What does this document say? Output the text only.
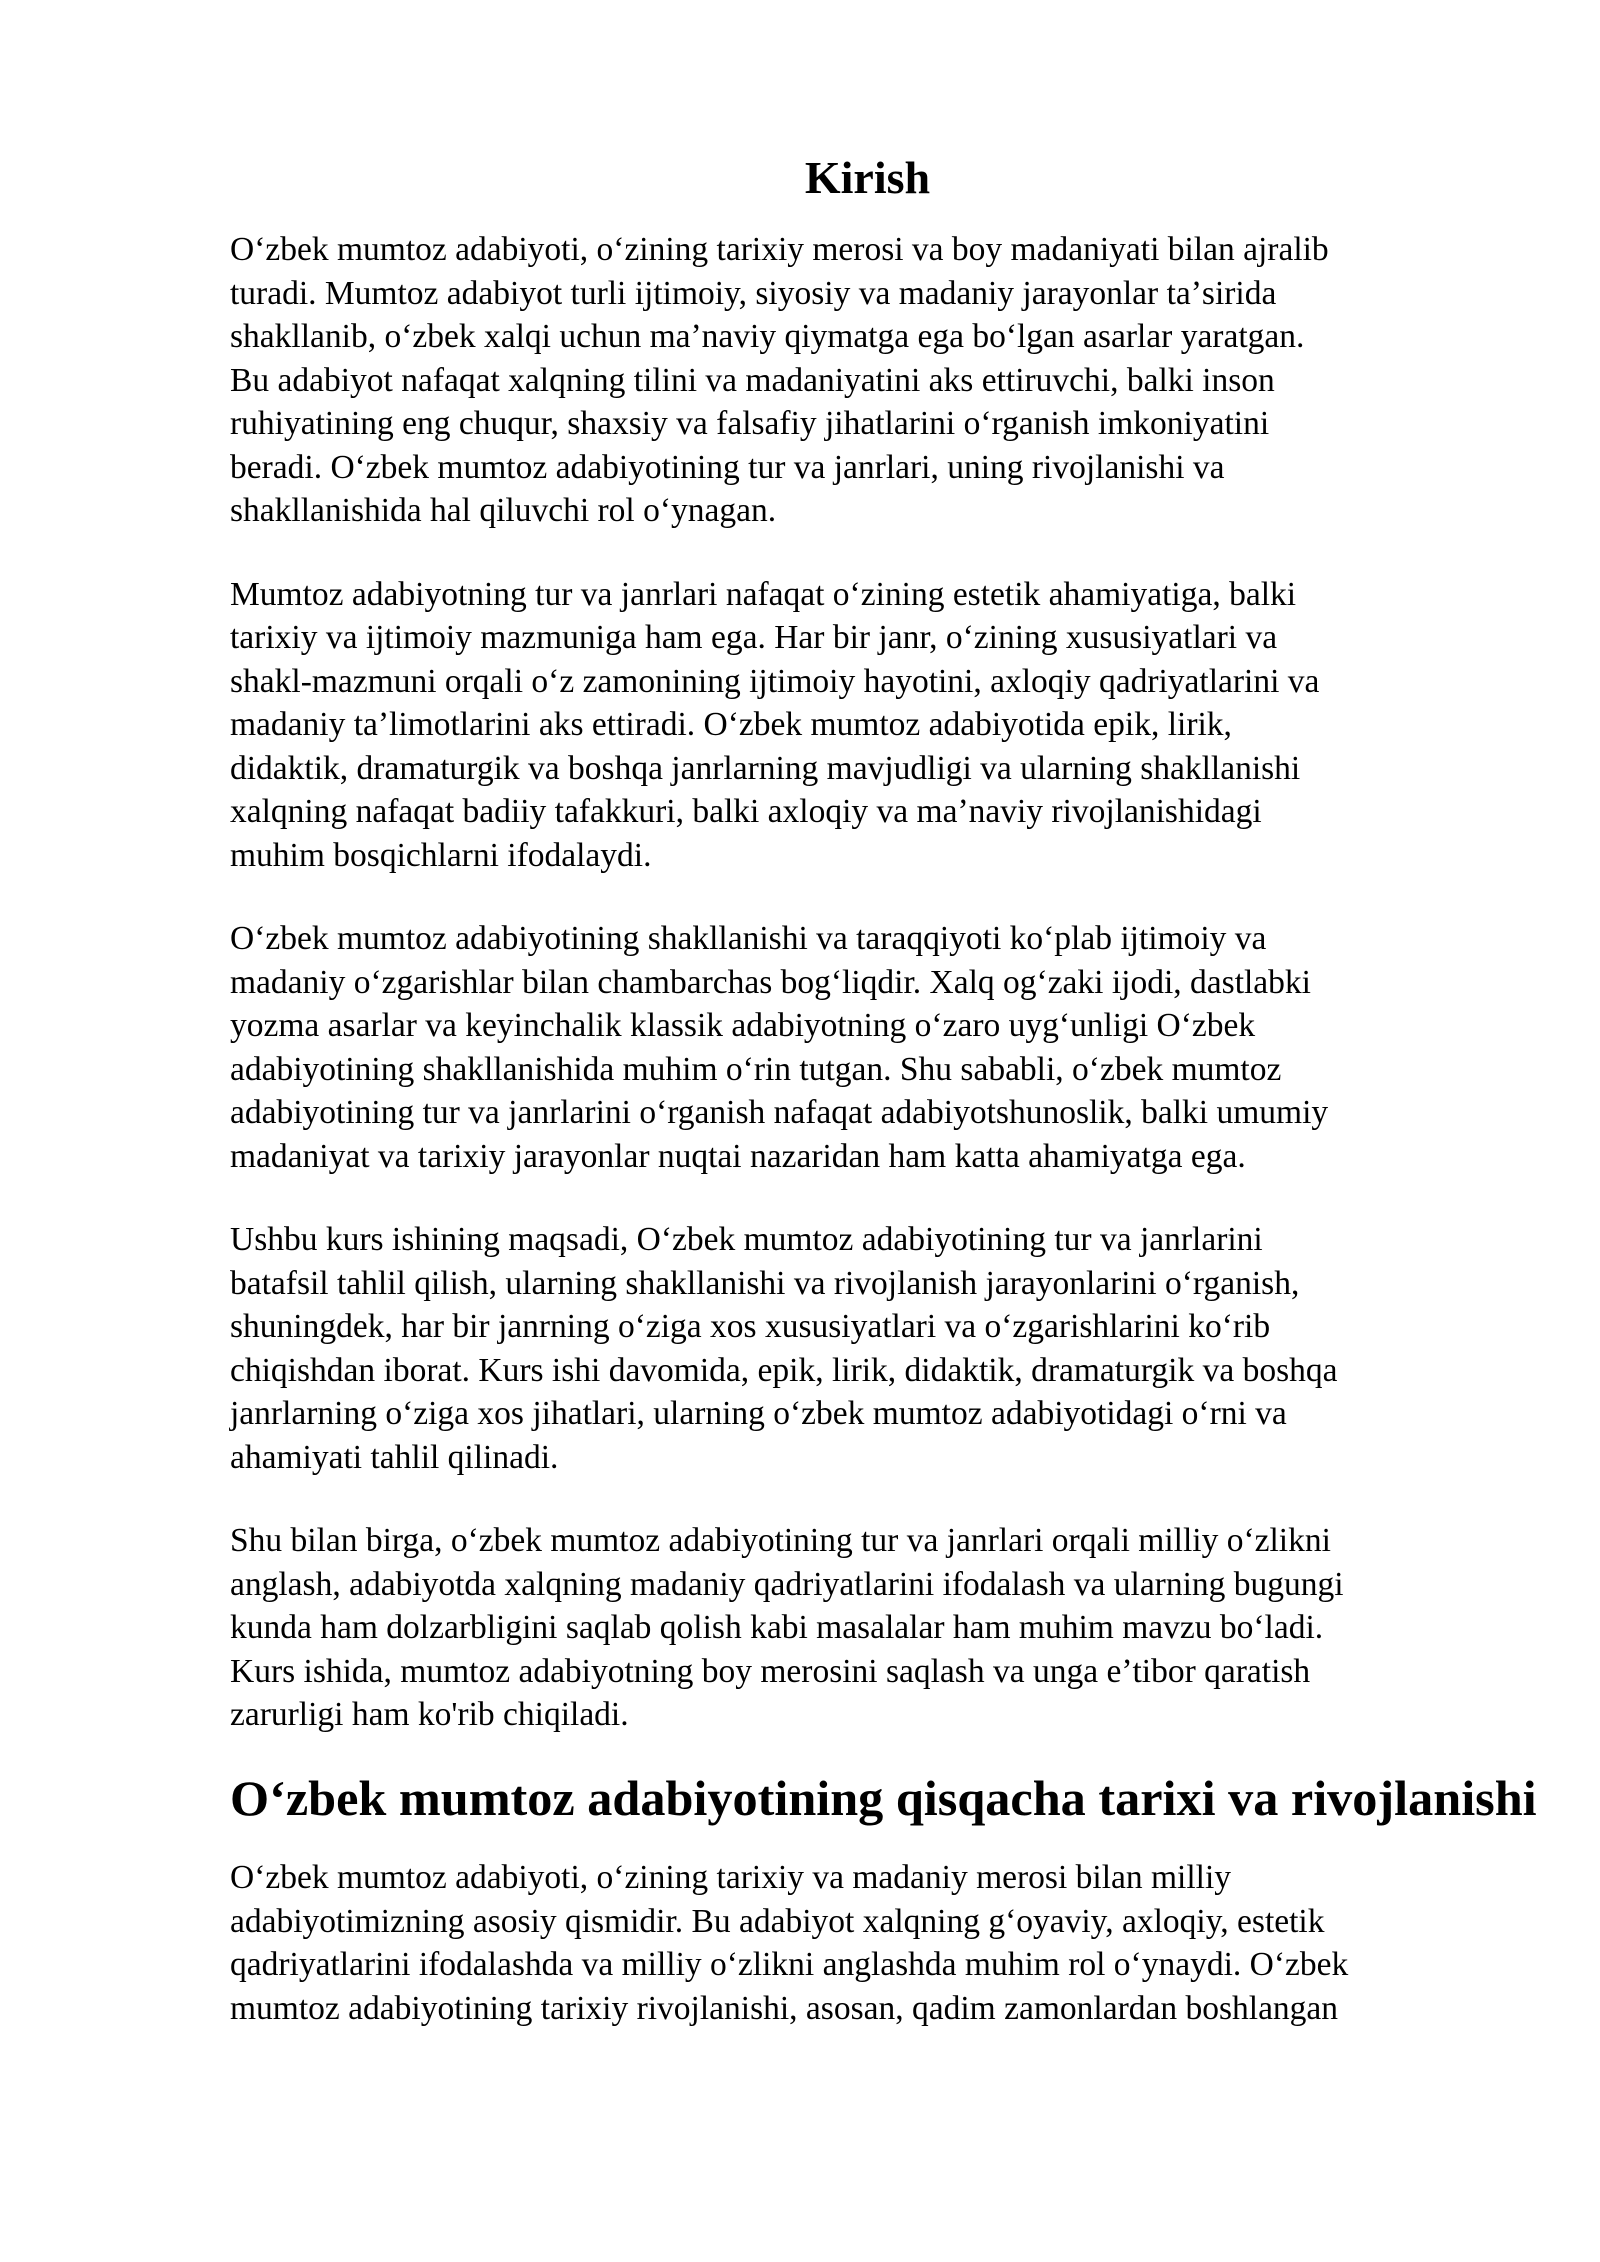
Kirish

Oʻzbek mumtoz adabiyoti, oʻzining tarixiy merosi va boy madaniyati bilan ajralib
turadi. Mumtoz adabiyot turli ijtimoiy, siyosiy va madaniy jarayonlar taʼsirida
shakllanib, oʻzbek xalqi uchun maʼnaviy qiymatga ega boʻlgan asarlar yaratgan.
Bu adabiyot nafaqat xalqning tilini va madaniyatini aks ettiruvchi, balki inson
ruhiyatining eng chuqur, shaxsiy va falsafiy jihatlarini oʻrganish imkoniyatini
beradi. Oʻzbek mumtoz adabiyotining tur va janrlari, uning rivojlanishi va
shakllanishida hal qiluvchi rol oʻynagan.

Mumtoz adabiyotning tur va janrlari nafaqat oʻzining estetik ahamiyatiga, balki
tarixiy va ijtimoiy mazmuniga ham ega. Har bir janr, oʻzining xususiyatlari va
shakl-mazmuni orqali oʻz zamonining ijtimoiy hayotini, axloqiy qadriyatlarini va
madaniy taʼlimotlarini aks ettiradi. Oʻzbek mumtoz adabiyotida epik, lirik,
didaktik, dramaturgik va boshqa janrlarning mavjudligi va ularning shakllanishi
xalqning nafaqat badiiy tafakkuri, balki axloqiy va maʼnaviy rivojlanishidagi
muhim bosqichlarni ifodalaydi.

Oʻzbek mumtoz adabiyotining shakllanishi va taraqqiyoti koʻplab ijtimoiy va
madaniy oʻzgarishlar bilan chambarchas bogʻliqdir. Xalq ogʻzaki ijodi, dastlabki
yozma asarlar va keyinchalik klassik adabiyotning oʻzaro uygʻunligi Oʻzbek
adabiyotining shakllanishida muhim oʻrin tutgan. Shu sababli, oʻzbek mumtoz
adabiyotining tur va janrlarini oʻrganish nafaqat adabiyotshunoslik, balki umumiy
madaniyat va tarixiy jarayonlar nuqtai nazaridan ham katta ahamiyatga ega.

Ushbu kurs ishining maqsadi, Oʻzbek mumtoz adabiyotining tur va janrlarini
batafsil tahlil qilish, ularning shakllanishi va rivojlanish jarayonlarini oʻrganish,
shuningdek, har bir janrning oʻziga xos xususiyatlari va oʻzgarishlarini koʻrib
chiqishdan iborat. Kurs ishi davomida, epik, lirik, didaktik, dramaturgik va boshqa
janrlarning oʻziga xos jihatlari, ularning oʻzbek mumtoz adabiyotidagi oʻrni va
ahamiyati tahlil qilinadi.

Shu bilan birga, oʻzbek mumtoz adabiyotining tur va janrlari orqali milliy oʻzlikni
anglash, adabiyotda xalqning madaniy qadriyatlarini ifodalash va ularning bugungi
kunda ham dolzarbligini saqlab qolish kabi masalalar ham muhim mavzu boʻladi.
Kurs ishida, mumtoz adabiyotning boy merosini saqlash va unga eʼtibor qaratish
zarurligi ham ko'rib chiqiladi.

Oʻzbek mumtoz adabiyotining qisqacha tarixi va rivojlanishi

Oʻzbek mumtoz adabiyoti, oʻzining tarixiy va madaniy merosi bilan milliy
adabiyotimizning asosiy qismidir. Bu adabiyot xalqning gʻoyaviy, axloqiy, estetik
qadriyatlarini ifodalashda va milliy oʻzlikni anglashda muhim rol oʻynaydi. Oʻzbek
mumtoz adabiyotining tarixiy rivojlanishi, asosan, qadim zamonlardan boshlangan
